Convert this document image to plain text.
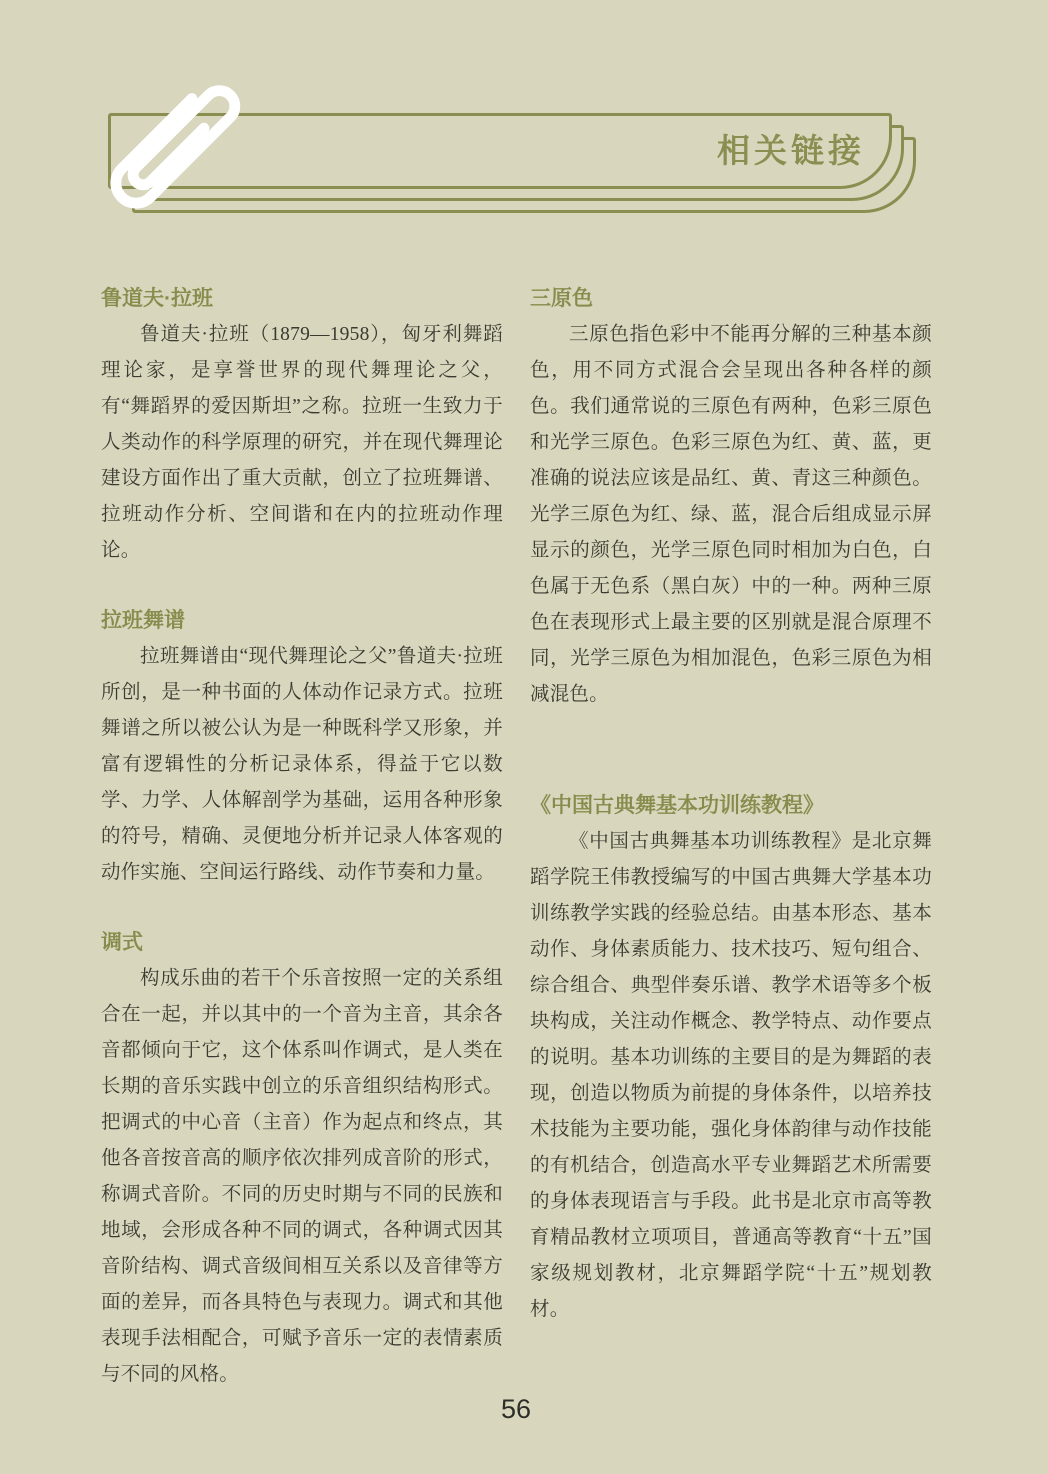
相关链接
鲁道夫·拉班

鲁道夫·拉班（1879—1958），匈牙利舞蹈理论家，是享誉世界的现代舞理论之父，有“舞蹈界的爱因斯坦”之称。拉班一生致力于人类动作的科学原理的研究，并在现代舞理论建设方面作出了重大贡献，创立了拉班舞谱、拉班动作分析、空间谐和在内的拉班动作理论。

拉班舞谱

拉班舞谱由“现代舞理论之父”鲁道夫·拉班所创，是一种书面的人体动作记录方式。拉班舞谱之所以被公认为是一种既科学又形象，并富有逻辑性的分析记录体系，得益于它以数学、力学、人体解剖学为基础，运用各种形象的符号，精确、灵便地分析并记录人体客观的动作实施、空间运行路线、动作节奏和力量。

调式

构成乐曲的若干个乐音按照一定的关系组合在一起，并以其中的一个音为主音，其余各音都倾向于它，这个体系叫作调式，是人类在长期的音乐实践中创立的乐音组织结构形式。把调式的中心音（主音）作为起点和终点，其他各音按音高的顺序依次排列成音阶的形式，称调式音阶。不同的历史时期与不同的民族和地域，会形成各种不同的调式，各种调式因其音阶结构、调式音级间相互关系以及音律等方面的差异，而各具特色与表现力。调式和其他表现手法相配合，可赋予音乐一定的表情素质与不同的风格。

三原色

三原色指色彩中不能再分解的三种基本颜色，用不同方式混合会呈现出各种各样的颜色。我们通常说的三原色有两种，色彩三原色和光学三原色。色彩三原色为红、黄、蓝，更准确的说法应该是品红、黄、青这三种颜色。光学三原色为红、绿、蓝，混合后组成显示屏显示的颜色，光学三原色同时相加为白色，白色属于无色系（黑白灰）中的一种。两种三原色在表现形式上最主要的区别就是混合原理不同，光学三原色为相加混色，色彩三原色为相减混色。

《中国古典舞基本功训练教程》

《中国古典舞基本功训练教程》是北京舞蹈学院王伟教授编写的中国古典舞大学基本功训练教学实践的经验总结。由基本形态、基本动作、身体素质能力、技术技巧、短句组合、综合组合、典型伴奏乐谱、教学术语等多个板块构成，关注动作概念、教学特点、动作要点的说明。基本功训练的主要目的是为舞蹈的表现，创造以物质为前提的身体条件，以培养技术技能为主要功能，强化身体韵律与动作技能的有机结合，创造高水平专业舞蹈艺术所需要的身体表现语言与手段。此书是北京市高等教育精品教材立项项目，普通高等教育“十五”国家级规划教材，北京舞蹈学院“十五”规划教材。

56
